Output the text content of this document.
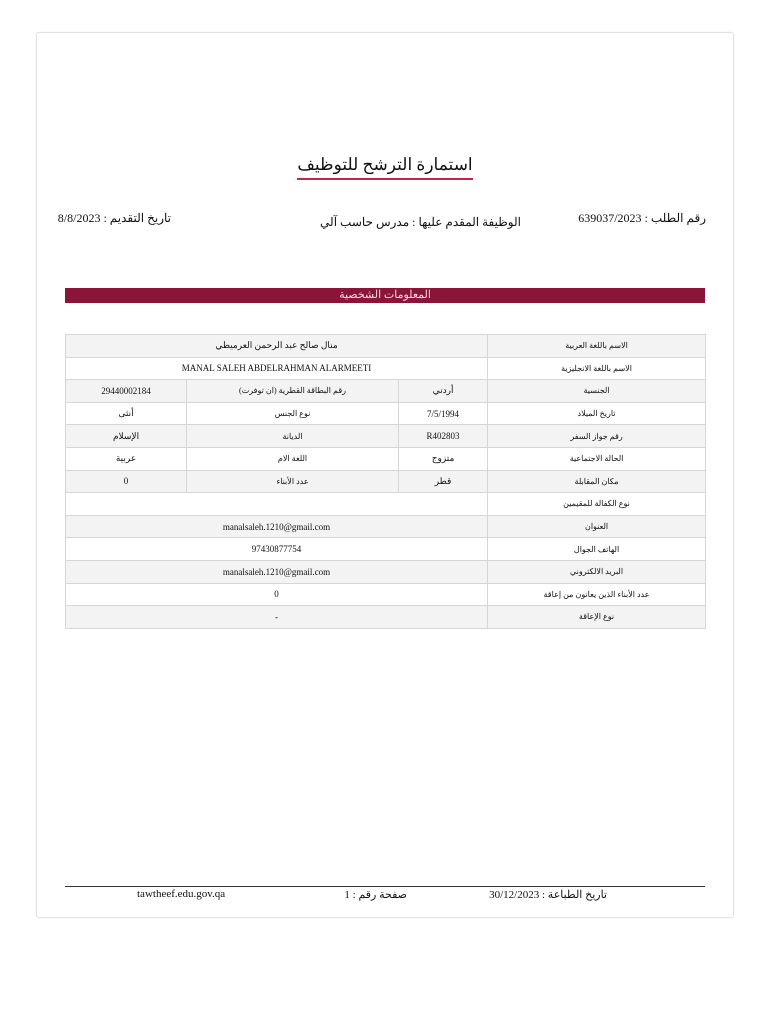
استمارة الترشح للتوظيف
رقم الطلب : 639037/2023
الوظيفة المقدم عليها : مدرس حاسب آلي
تاريخ التقديم : 8/8/2023
المعلومات الشخصية
الاسم باللغة العربية	منال صالح عبد الرحمن العرميطي		
الاسم باللغة الانجليزية	MANAL SALEH ABDELRAHMAN ALARMEETI		
الجنسية	أردني	رقم البطاقة القطرية (ان توفرت)	29440002184
تاريخ الميلاد	7/5/1994	نوع الجنس	أنثى
رقم جواز السفر	R402803	الديانة	الإسلام
الحالة الاجتماعية	متزوج	اللغة الام	عربية
مكان المقابلة	قطر	عدد الأبناء	0
نوع الكفالة للمقيمين			
العنوان	manalsaleh.1210@gmail.com		
الهاتف الجوال	97430877754		
البريد الالكتروني	manalsaleh.1210@gmail.com		
عدد الأبناء الذين يعانون من إعاقة	0		
نوع الإعاقة	-		
تاريخ الطباعة : 30/12/2023
صفحة رقم : 1
tawtheef.edu.gov.qa
